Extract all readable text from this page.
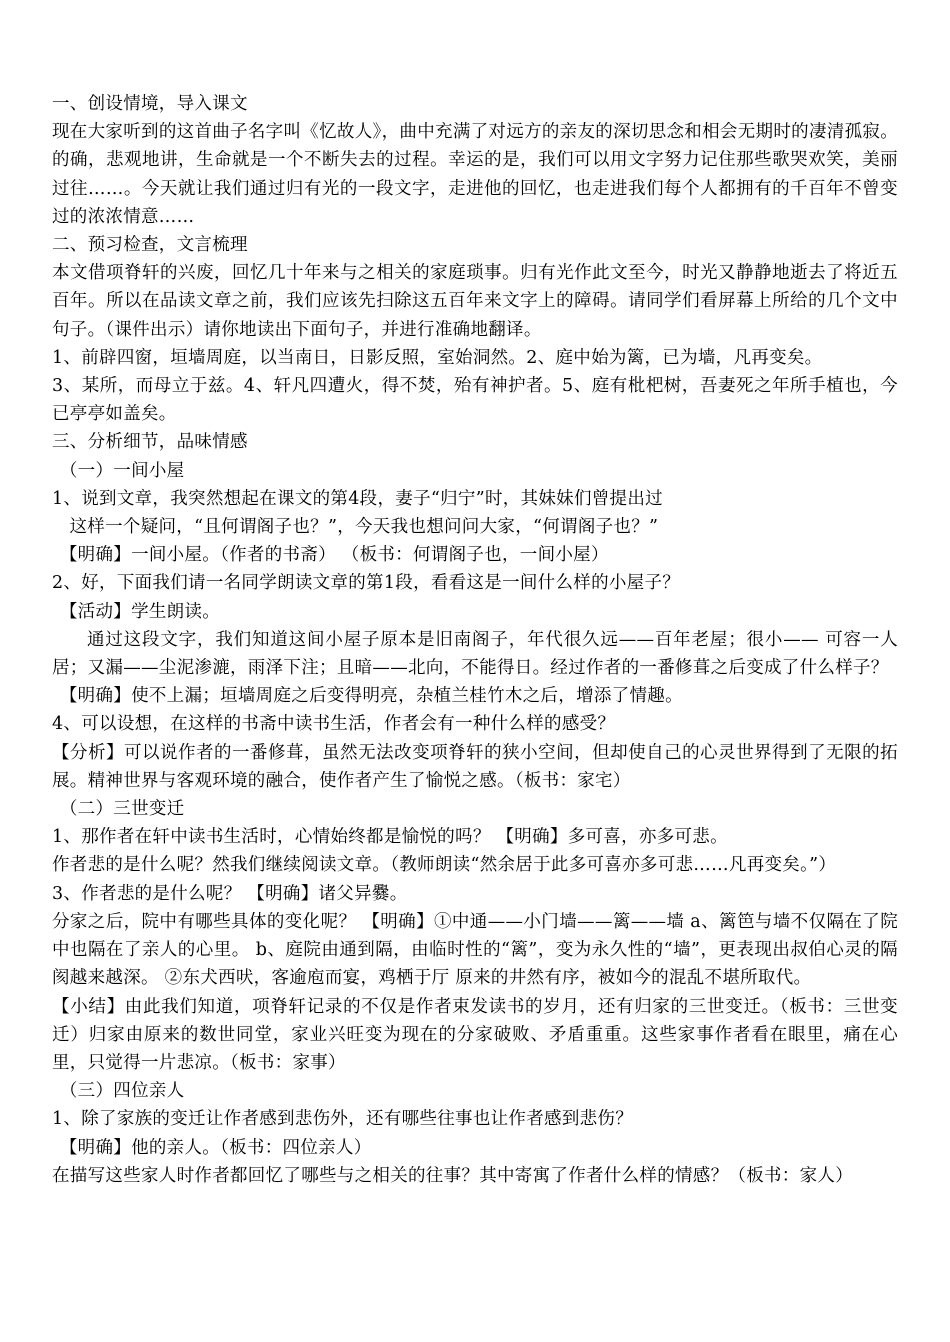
一、创设情境，导入课文

现在大家听到的这首曲子名字叫《忆故人》，曲中充满了对远方的亲友的深切思念和相会无期时的凄清孤寂。的确，悲观地讲，生命就是一个不断失去的过程。幸运的是，我们可以用文字努力记住那些歌哭欢笑，美丽过往……。今天就让我们通过归有光的一段文字，走进他的回忆，也走进我们每个人都拥有的千百年不曾变过的浓浓情意……

二、预习检查，文言梳理

本文借项脊轩的兴废，回忆几十年来与之相关的家庭琐事。归有光作此文至今，时光又静静地逝去了将近五百年。所以在品读文章之前，我们应该先扫除这五百年来文字上的障碍。请同学们看屏幕上所给的几个文中句子。（课件出示）请你地读出下面句子，并进行准确地翻译。

1、前辟四窗，垣墙周庭，以当南日，日影反照，室始洞然。2、庭中始为篱，已为墙，凡再变矣。

3、某所，而母立于兹。4、轩凡四遭火，得不焚，殆有神护者。5、庭有枇杷树，吾妻死之年所手植也，今已亭亭如盖矣。

三、分析细节，品味情感

（一）一间小屋

1、说到文章，我突然想起在课文的第4段，妻子“归宁”时，其妹妹们曾提出过

这样一个疑问，“且何谓阁子也？”，今天我也想问问大家，“何谓阁子也？”

【明确】一间小屋。（作者的书斋） （板书：何谓阁子也，一间小屋）

2、好，下面我们请一名同学朗读文章的第1段，看看这是一间什么样的小屋子？

【活动】学生朗读。

通过这段文字，我们知道这间小屋子原本是旧南阁子，年代很久远——百年老屋；很小—— 可容一人居；又漏——尘泥渗漉，雨泽下注；且暗——北向，不能得日。经过作者的一番修葺之后变成了什么样子？

【明确】使不上漏；垣墙周庭之后变得明亮，杂植兰桂竹木之后，增添了情趣。

4、可以设想，在这样的书斋中读书生活，作者会有一种什么样的感受？

【分析】可以说作者的一番修葺，虽然无法改变项脊轩的狭小空间，但却使自己的心灵世界得到了无限的拓展。精神世界与客观环境的融合，使作者产生了愉悦之感。（板书：家宅）

（二）三世变迁

1、那作者在轩中读书生活时，心情始终都是愉悦的吗？ 【明确】多可喜，亦多可悲。

作者悲的是什么呢？然我们继续阅读文章。（教师朗读“然余居于此多可喜亦多可悲……凡再变矣。”）

3、作者悲的是什么呢？ 【明确】诸父异爨。

分家之后，院中有哪些具体的变化呢？ 【明确】①中通——小门墙——篱——墙 a、篱笆与墙不仅隔在了院中也隔在了亲人的心里。 b、庭院由通到隔，由临时性的“篱”，变为永久性的“墙”，更表现出叔伯心灵的隔阂越来越深。 ②东犬西吠，客逾庖而宴，鸡栖于厅 原来的井然有序，被如今的混乱不堪所取代。

【小结】由此我们知道，项脊轩记录的不仅是作者束发读书的岁月，还有归家的三世变迁。（板书：三世变迁）归家由原来的数世同堂，家业兴旺变为现在的分家破败、矛盾重重。这些家事作者看在眼里，痛在心里，只觉得一片悲凉。（板书：家事）

（三）四位亲人

1、除了家族的变迁让作者感到悲伤外，还有哪些往事也让作者感到悲伤？

【明确】他的亲人。（板书：四位亲人）

在描写这些家人时作者都回忆了哪些与之相关的往事？其中寄寓了作者什么样的情感？（板书：家人）
